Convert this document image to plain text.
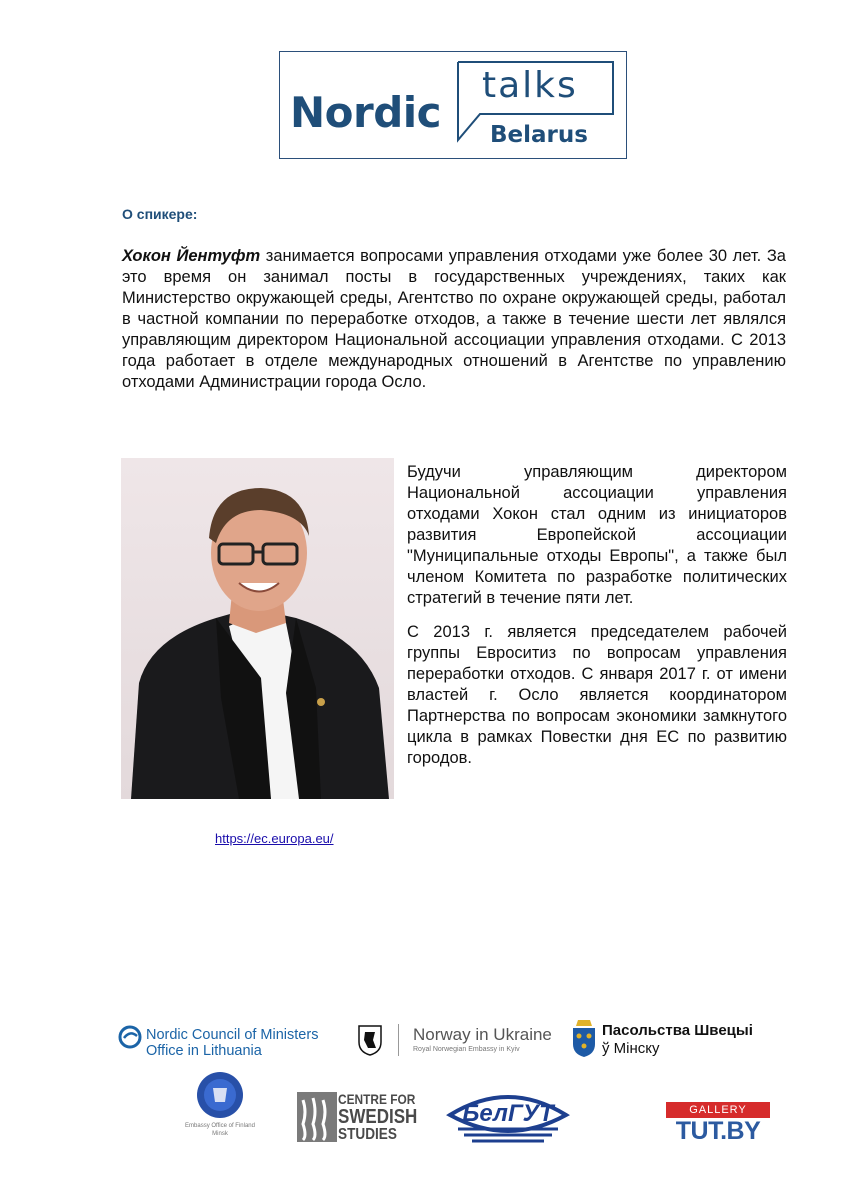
Nordic
talks
Belarus
О спикере:
Хокон Йентуфт занимается вопросами управления отходами уже более 30 лет. За это время он занимал посты в государственных учреждениях, таких как Министерство окружающей среды, Агентство по охране окружающей среды, работал в частной компании по переработке отходов, а также в течение шести лет являлся управляющим директором Национальной ассоциации управления отходами. С 2013 года работает в отделе международных отношений в Агентстве по управлению отходами Администрации города Осло.
Будучи управляющим директором Национальной ассоциации управления отходами Хокон стал одним из инициаторов развития Европейской ассоциации "Муниципальные отходы Европы", а также был членом Комитета по разработке политических стратегий в течение пяти лет.
С 2013 г. является председателем рабочей группы Евроситиз по вопросам управления переработки отходов. С января 2017 г. от имени властей г. Осло является координатором Партнерства по вопросам экономики замкнутого цикла в рамках Повестки дня ЕС по развитию городов.
https://ec.europa.eu/
Nordic Council of Ministers
Office in Lithuania
Norway in Ukraine
Royal Norwegian Embassy in Kyiv
Пасольства Швецыі
ў Мінску
Embassy Office of Finland
Minsk
CENTRE FOR
SWEDISH
STUDIES
БелГУТ	GALLERY
TUT.BY
